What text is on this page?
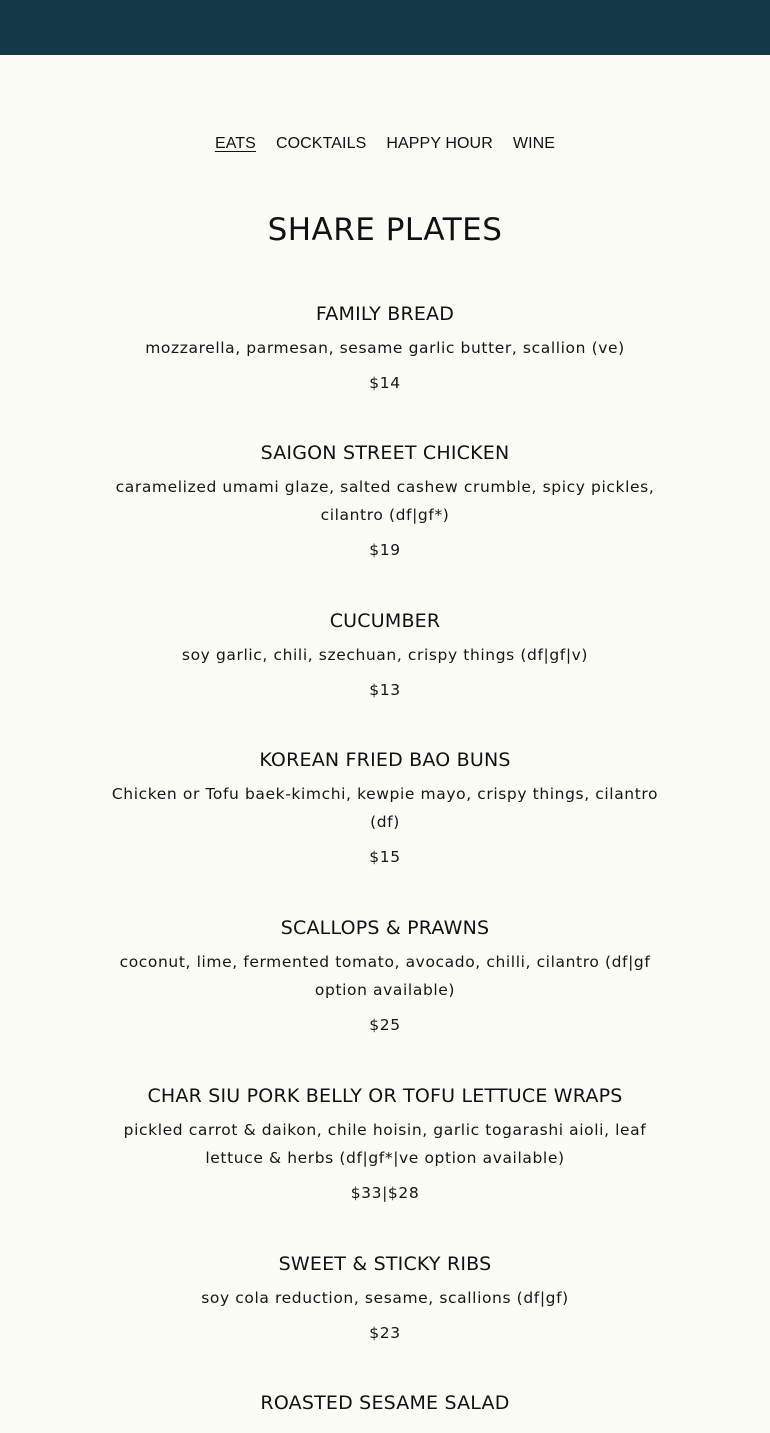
EATS COCKTAILS HAPPY HOUR WINE
SHARE PLATES

FAMILY BREAD

mozzarella, parmesan, sesame garlic butter, scallion (ve)

$14

SAIGON STREET CHICKEN

caramelized umami glaze, salted cashew crumble, spicy pickles, cilantro (df|gf*)

$19

CUCUMBER

soy garlic, chili, szechuan, crispy things (df|gf|v)

$13

KOREAN FRIED BAO BUNS

Chicken or Tofu baek-kimchi, kewpie mayo, crispy things, cilantro (df)

$15

SCALLOPS & PRAWNS

coconut, lime, fermented tomato, avocado, chilli, cilantro (df|gf option available)

$25

CHAR SIU PORK BELLY OR TOFU LETTUCE WRAPS

pickled carrot & daikon, chile hoisin, garlic togarashi aioli, leaf lettuce & herbs (df|gf*|ve option available)

$33|$28

SWEET & STICKY RIBS

soy cola reduction, sesame, scallions (df|gf)

$23

ROASTED SESAME SALAD
